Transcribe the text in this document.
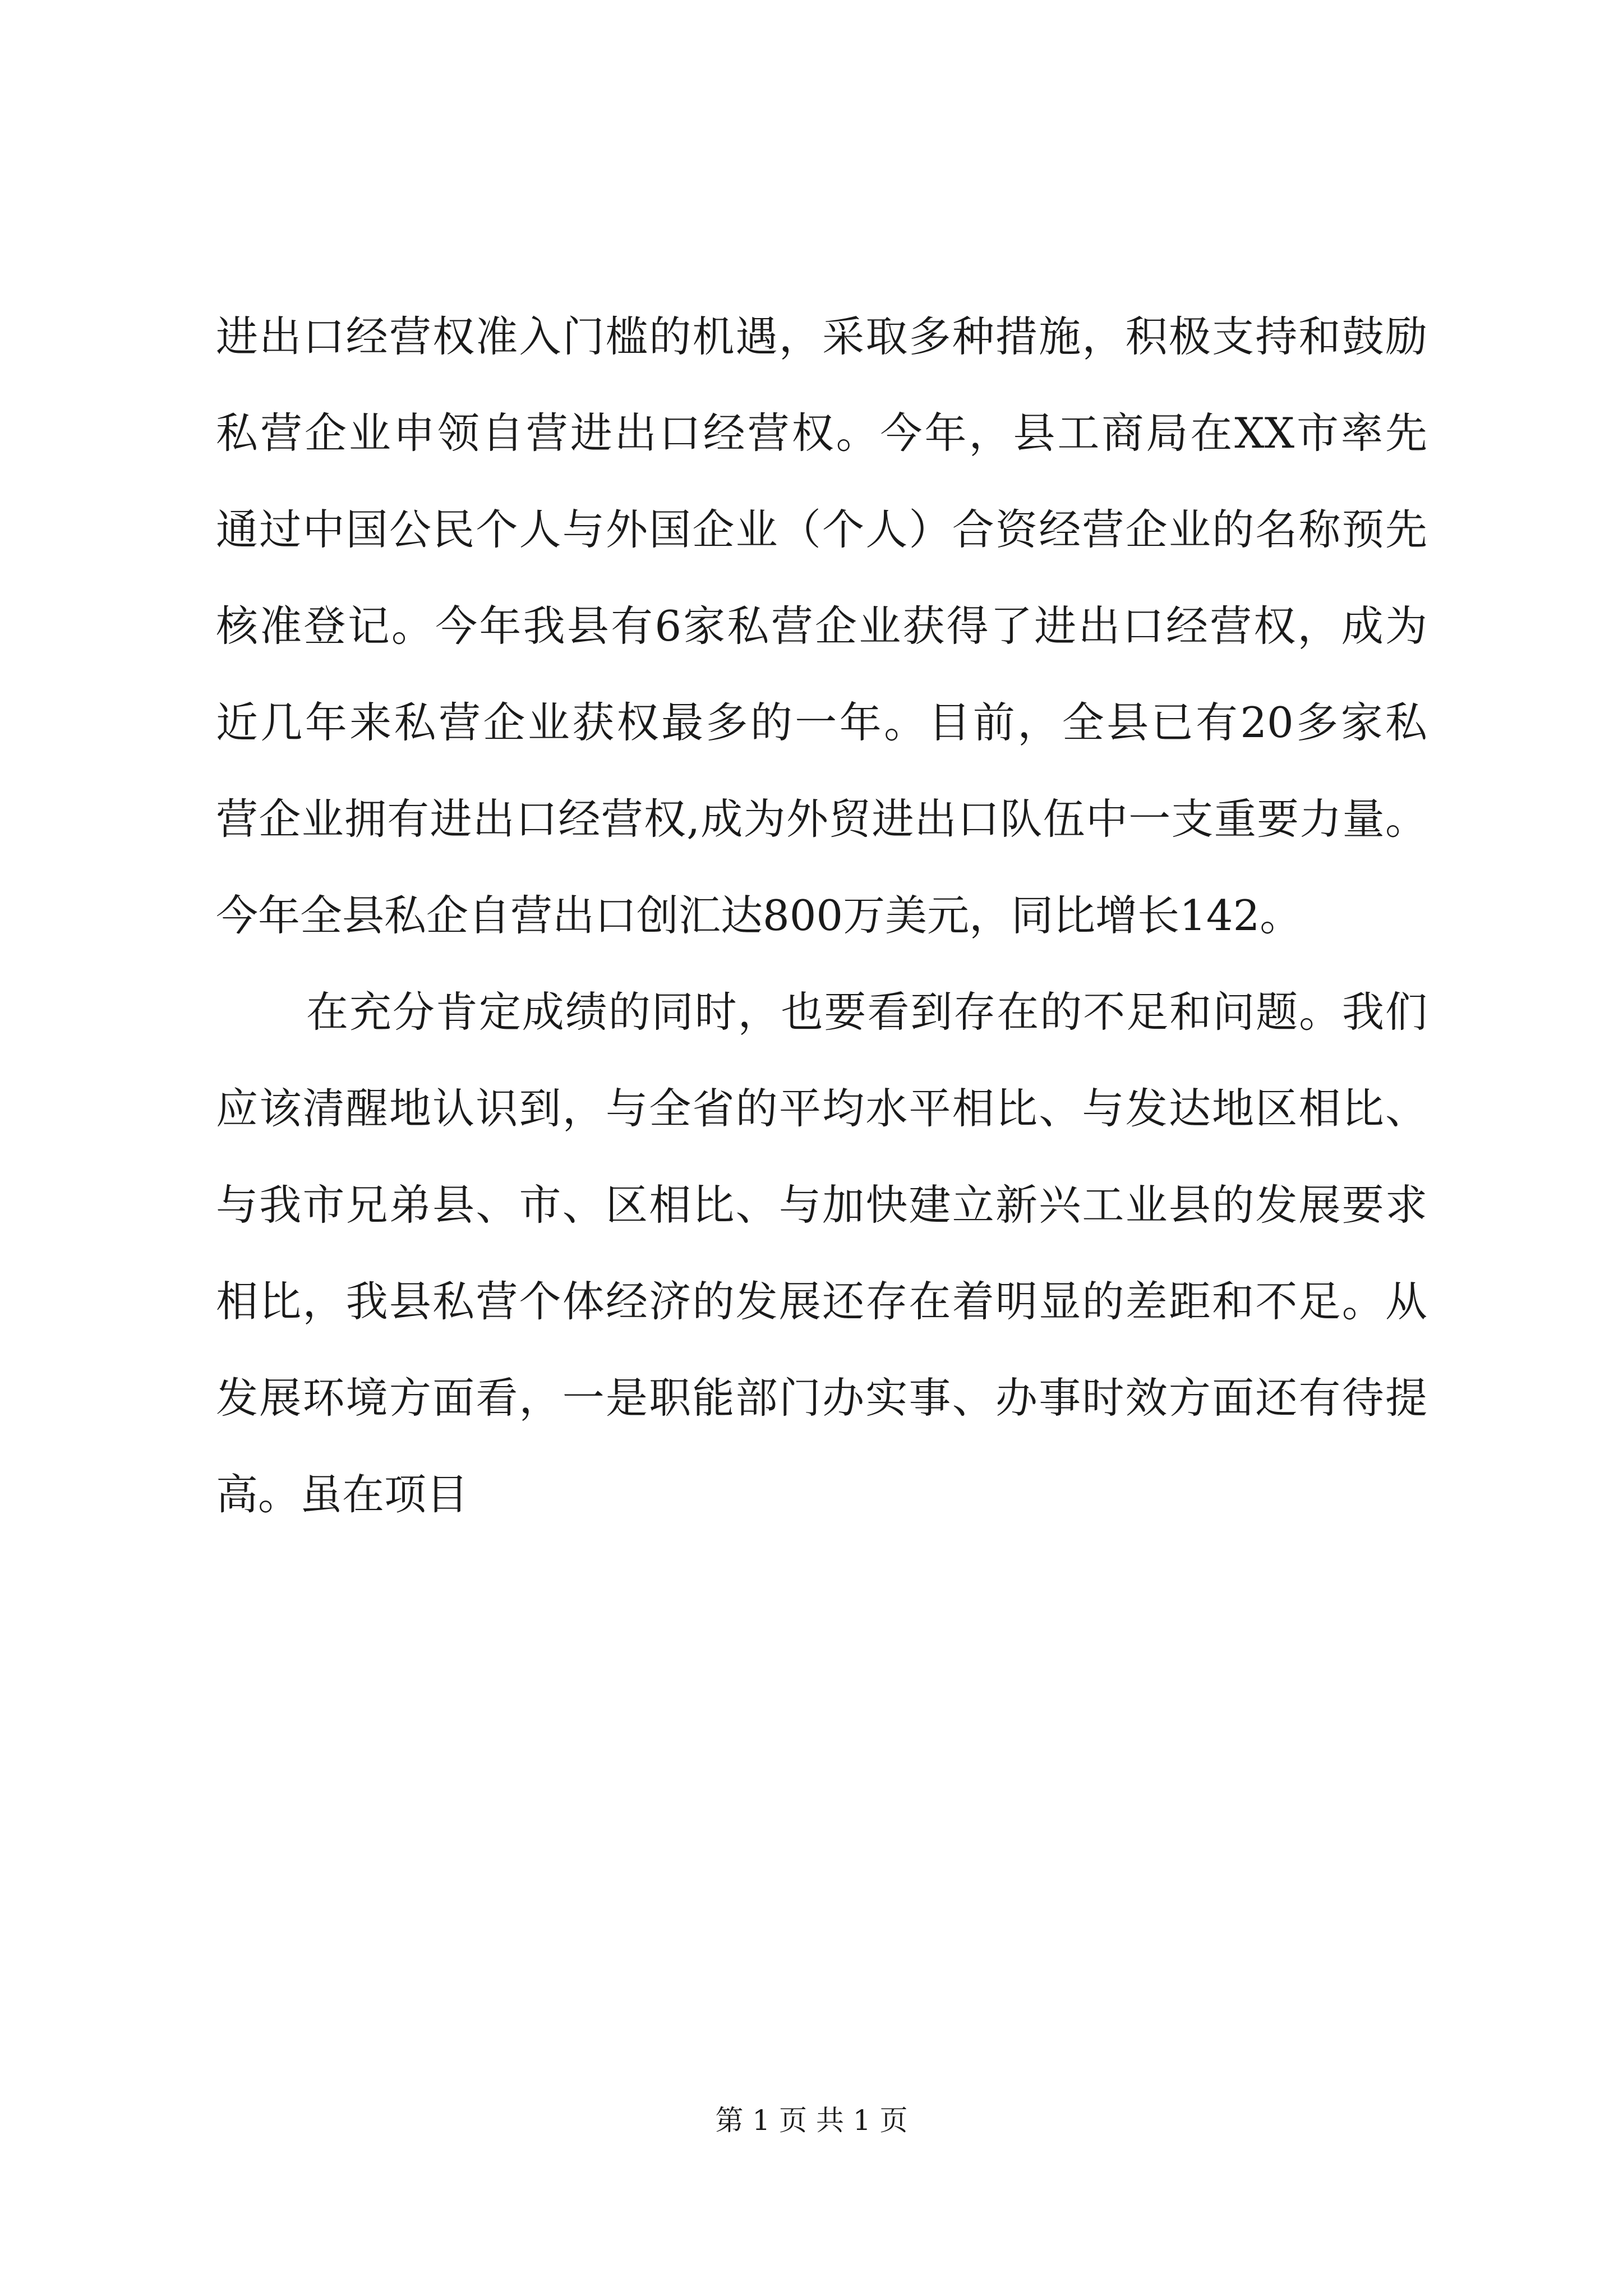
进出口经营权准入门槛的机遇，采取多种措施，积极支持和鼓励
私营企业申领自营进出口经营权。今年，县工商局在XX市率先
通过中国公民个人与外国企业（个人）合资经营企业的名称预先
核准登记。今年我县有6家私营企业获得了进出口经营权，成为
近几年来私营企业获权最多的一年。目前，全县已有20多家私
营企业拥有进出口经营权,成为外贸进出口队伍中一支重要力量。
今年全县私企自营出口创汇达800万美元，同比增长142。
在充分肯定成绩的同时，也要看到存在的不足和问题。我们
应该清醒地认识到，与全省的平均水平相比、与发达地区相比、
与我市兄弟县、市、区相比、与加快建立新兴工业县的发展要求
相比，我县私营个体经济的发展还存在着明显的差距和不足。从
发展环境方面看，一是职能部门办实事、办事时效方面还有待提
高。虽在项目
第 1 页 共 1 页
